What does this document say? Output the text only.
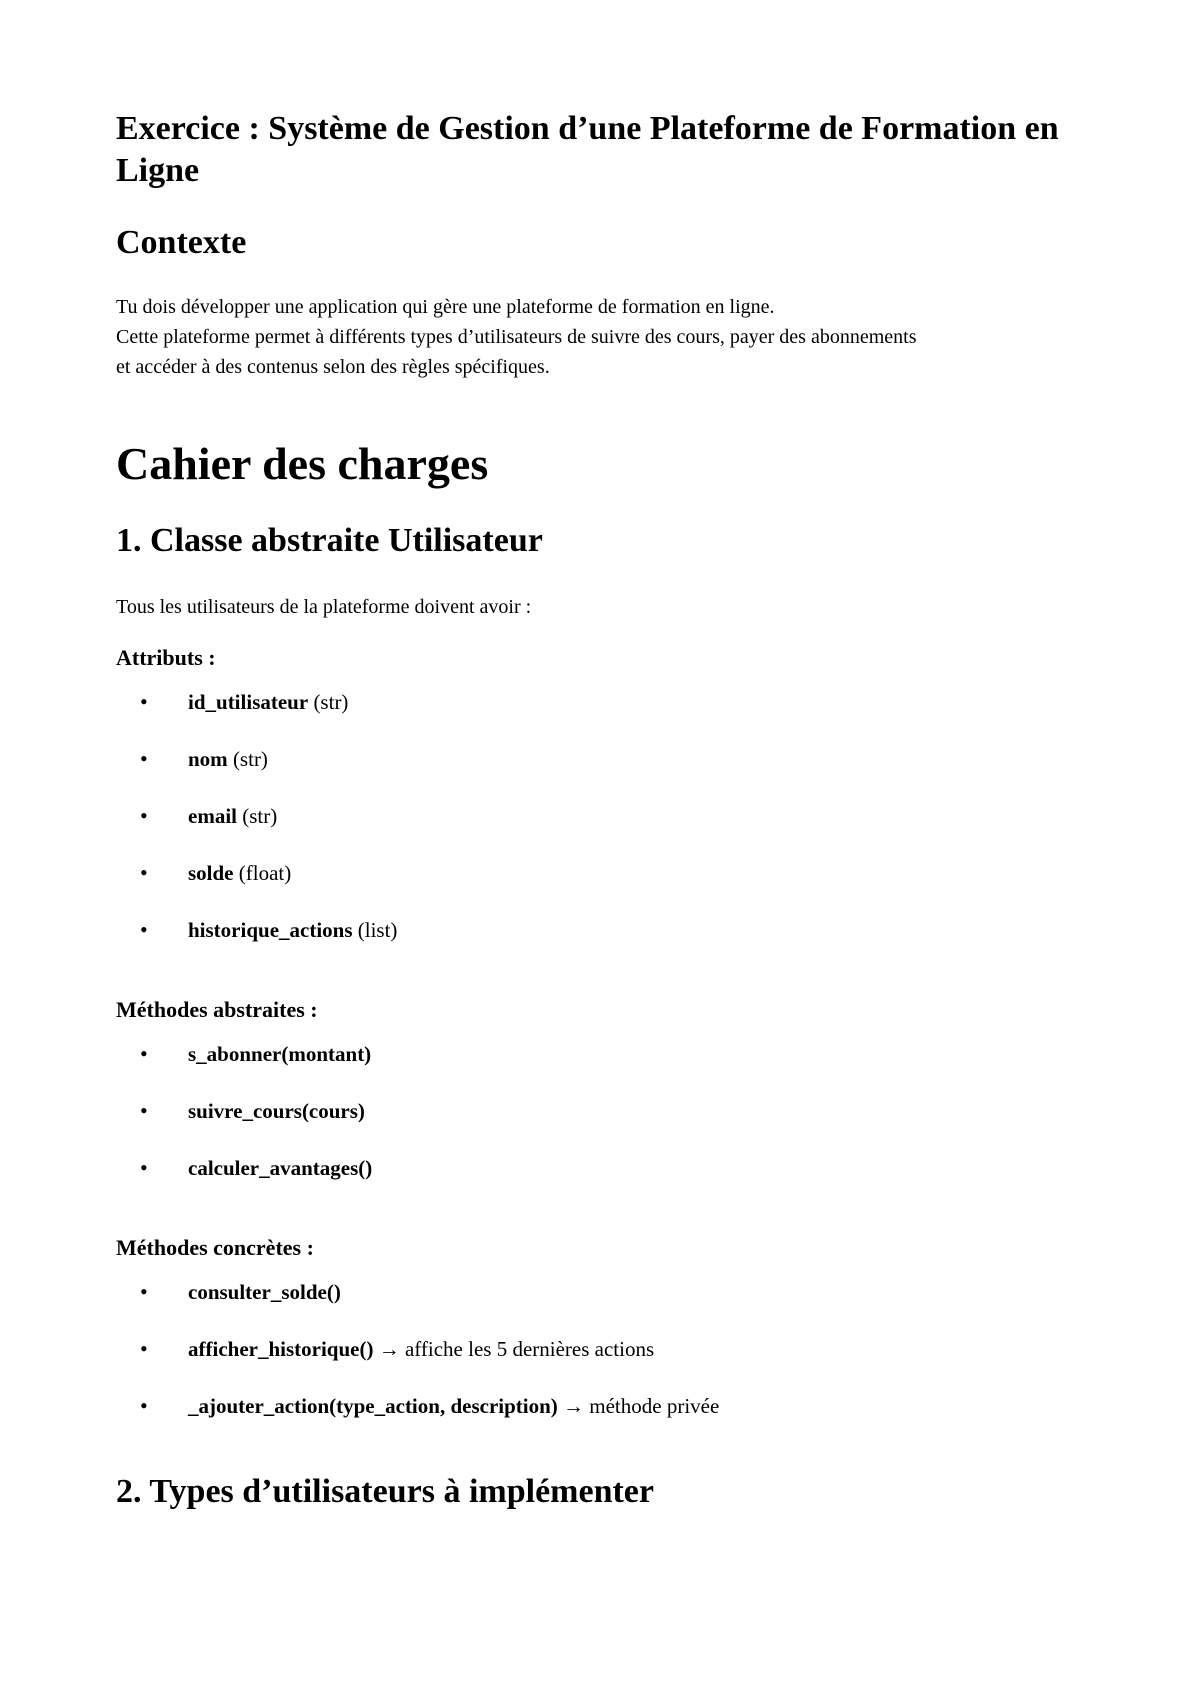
Exercice : Système de Gestion d’une Plateforme de Formation en Ligne
Contexte
Tu dois développer une application qui gère une plateforme de formation en ligne.
Cette plateforme permet à différents types d’utilisateurs de suivre des cours, payer des abonnements
et accéder à des contenus selon des règles spécifiques.
Cahier des charges
1. Classe abstraite Utilisateur
Tous les utilisateurs de la plateforme doivent avoir :
Attributs :
• id_utilisateur (str)
• nom (str)
• email (str)
• solde (float)
• historique_actions (list)
Méthodes abstraites :
• s_abonner(montant)
• suivre_cours(cours)
• calculer_avantages()
Méthodes concrètes :
• consulter_solde()
• afficher_historique() → affiche les 5 dernières actions
• _ajouter_action(type_action, description) → méthode privée
2. Types d’utilisateurs à implémenter
